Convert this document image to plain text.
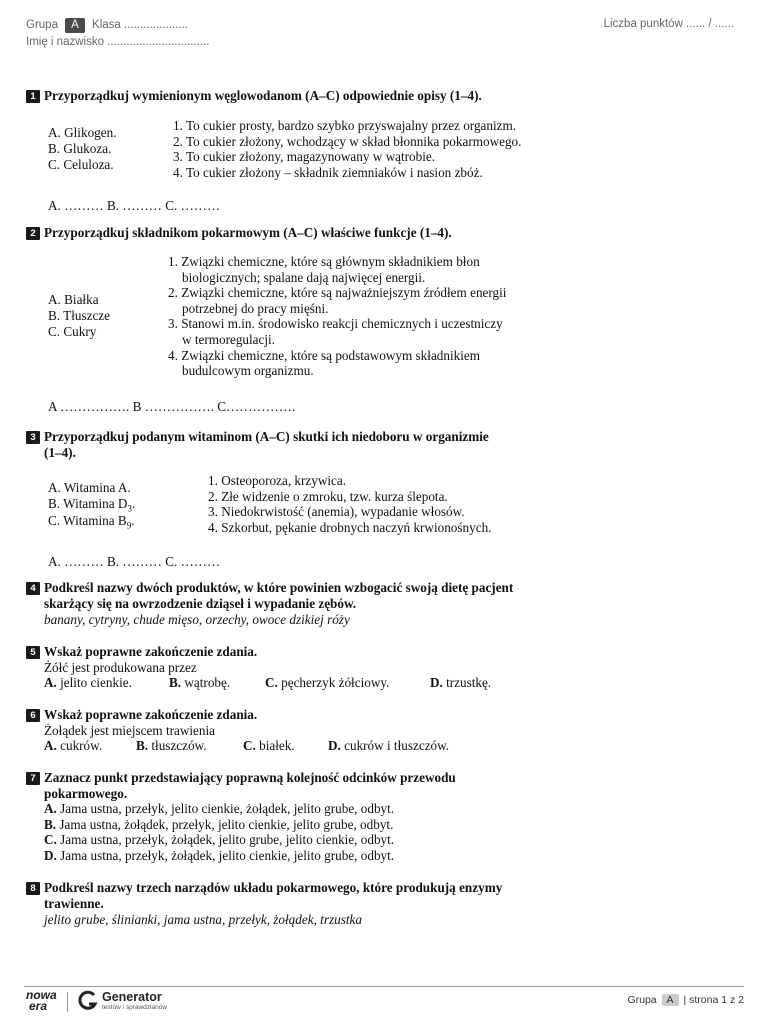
Grupa A Klasa ....................
Imię i nazwisko ................................
Liczba punktów ...... / ......
1 Przyporządkuj wymienionym węglowodanom (A–C) odpowiednie opisy (1–4).
A. Glikogen.
B. Glukoza.
C. Celuloza.
1. To cukier prosty, bardzo szybko przyswajalny przez organizm.
2. To cukier złożony, wchodzący w skład błonnika pokarmowego.
3. To cukier złożony, magazynowany w wątrobie.
4. To cukier złożony – składnik ziemniaków i nasion zbóż.
A. ……… B. ……… C. ………
2 Przyporządkuj składnikom pokarmowym (A–C) właściwe funkcje (1–4).
A. Białka
B. Tłuszcze
C. Cukry
1. Związki chemiczne, które są głównym składnikiem błon
biologicznych; spalane dają najwięcej energii.
2. Związki chemiczne, które są najważniejszym źródłem energii
potrzebnej do pracy mięśni.
3. Stanowi m.in. środowisko reakcji chemicznych i uczestniczy
w termoregulacji.
4. Związki chemiczne, które są podstawowym składnikiem
budulcowym organizmu.
A ……………. B ……………. C…………….
3 Przyporządkuj podanym witaminom (A–C) skutki ich niedoboru w organizmie
(1–4).
A. Witamina A.
B. Witamina $D_3$.
C. Witamina $B_9$.
1. Osteoporoza, krzywica.
2. Złe widzenie o zmroku, tzw. kurza ślepota.
3. Niedokrwistość (anemia), wypadanie włosów.
4. Szkorbut, pękanie drobnych naczyń krwionośnych.
A. ……… B. ……… C. ………
4 Podkreśl nazwy dwóch produktów, w które powinien wzbogacić swoją dietę pacjent
skarżący się na owrzodzenie dziąseł i wypadanie zębów.
banany, cytryny, chude mięso, orzechy, owoce dzikiej róży
5 Wskaż poprawne zakończenie zdania.
Żółć jest produkowana przez
A. jelito cienkie.	B. wątrobę.	C. pęcherzyk żółciowy.	D. trzustkę.
6 Wskaż poprawne zakończenie zdania.
Żołądek jest miejscem trawienia
A. cukrów.	B. tłuszczów.	C. białek.	D. cukrów i tłuszczów.
7 Zaznacz punkt przedstawiający poprawną kolejność odcinków przewodu
pokarmowego.
A. Jama ustna, przełyk, jelito cienkie, żołądek, jelito grube, odbyt.
B. Jama ustna, żołądek, przełyk, jelito cienkie, jelito grube, odbyt.
C. Jama ustna, przełyk, żołądek, jelito grube, jelito cienkie, odbyt.
D. Jama ustna, przełyk, żołądek, jelito cienkie, jelito grube, odbyt.
8 Podkreśl nazwy trzech narządów układu pokarmowego, które produkują enzymy
trawienne.
jelito grube, ślinianki, jama ustna, przełyk, żołądek, trzustka
nowa
era
Generator
testów i sprawdzianów
Grupa A | strona 1 z 2
